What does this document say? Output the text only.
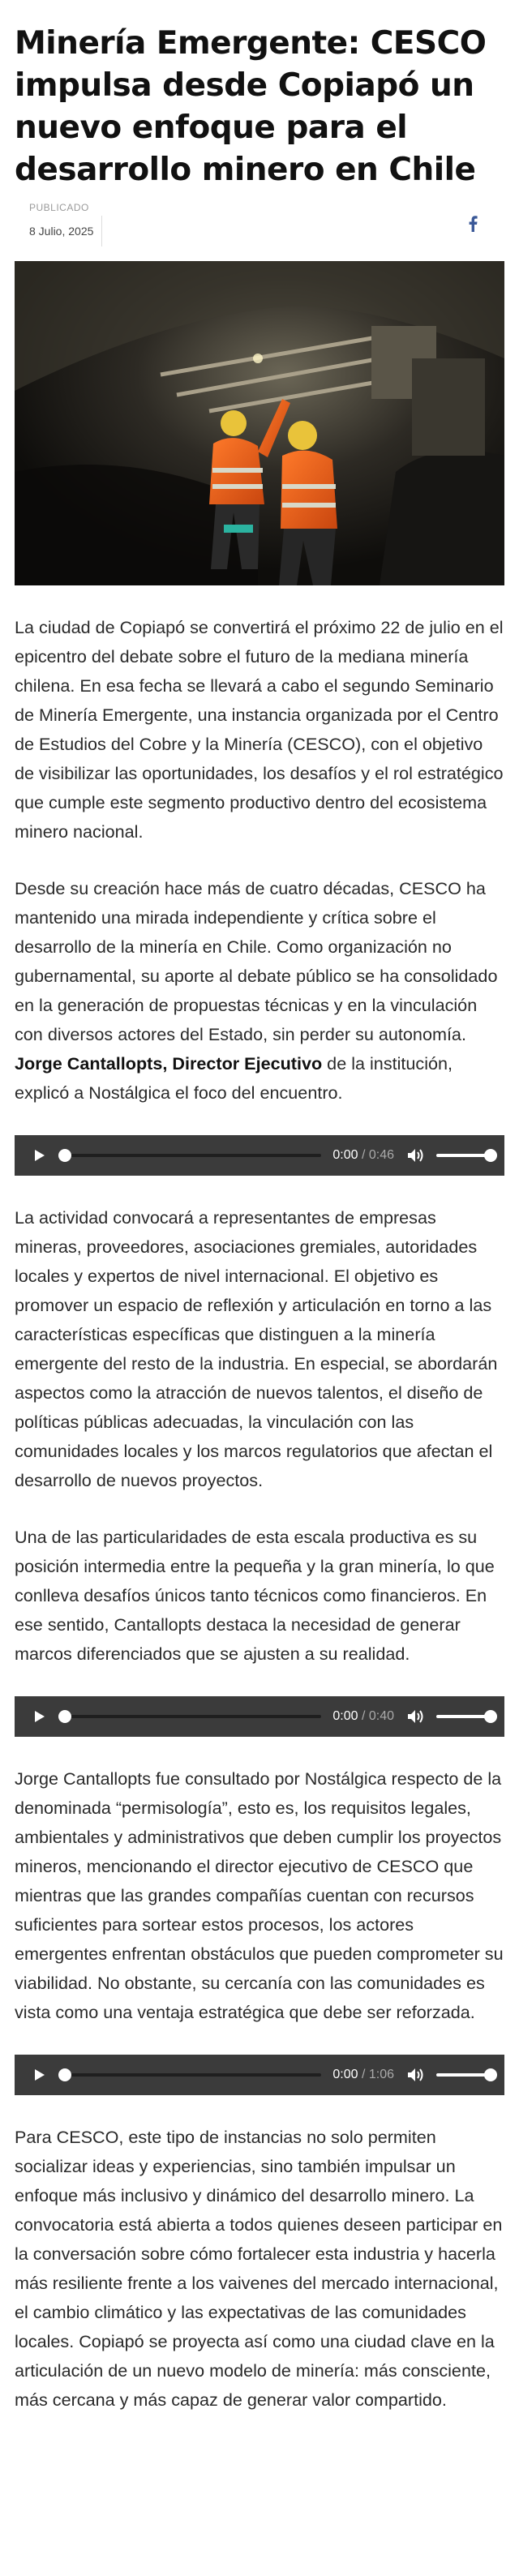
Minería Emergente: CESCO impulsa desde Copiapó un nuevo enfoque para el desarrollo minero en Chile
PUBLICADO
8 Julio, 2025

La ciudad de Copiapó se convertirá el próximo 22 de julio en el epicentro del debate sobre el futuro de la mediana minería chilena. En esa fecha se llevará a cabo el segundo Seminario de Minería Emergente, una instancia organizada por el Centro de Estudios del Cobre y la Minería (CESCO), con el objetivo de visibilizar las oportunidades, los desafíos y el rol estratégico que cumple este segmento productivo dentro del ecosistema minero nacional.

Desde su creación hace más de cuatro décadas, CESCO ha mantenido una mirada independiente y crítica sobre el desarrollo de la minería en Chile. Como organización no gubernamental, su aporte al debate público se ha consolidado en la generación de propuestas técnicas y en la vinculación con diversos actores del Estado, sin perder su autonomía. Jorge Cantallopts, Director Ejecutivo de la institución, explicó a Nostálgica el foco del encuentro.

0:00 / 0:46

La actividad convocará a representantes de empresas mineras, proveedores, asociaciones gremiales, autoridades locales y expertos de nivel internacional. El objetivo es promover un espacio de reflexión y articulación en torno a las características específicas que distinguen a la minería emergente del resto de la industria. En especial, se abordarán aspectos como la atracción de nuevos talentos, el diseño de políticas públicas adecuadas, la vinculación con las comunidades locales y los marcos regulatorios que afectan el desarrollo de nuevos proyectos.

Una de las particularidades de esta escala productiva es su posición intermedia entre la pequeña y la gran minería, lo que conlleva desafíos únicos tanto técnicos como financieros. En ese sentido, Cantallopts destaca la necesidad de generar marcos diferenciados que se ajusten a su realidad.

0:00 / 0:40

Jorge Cantallopts fue consultado por Nostálgica respecto de la denominada “permisología”, esto es, los requisitos legales, ambientales y administrativos que deben cumplir los proyectos mineros, mencionando el director ejecutivo de CESCO que mientras que las grandes compañías cuentan con recursos suficientes para sortear estos procesos, los actores emergentes enfrentan obstáculos que pueden comprometer su viabilidad. No obstante, su cercanía con las comunidades es vista como una ventaja estratégica que debe ser reforzada.

0:00 / 1:06

Para CESCO, este tipo de instancias no solo permiten socializar ideas y experiencias, sino también impulsar un enfoque más inclusivo y dinámico del desarrollo minero. La convocatoria está abierta a todos quienes deseen participar en la conversación sobre cómo fortalecer esta industria y hacerla más resiliente frente a los vaivenes del mercado internacional, el cambio climático y las expectativas de las comunidades locales. Copiapó se proyecta así como una ciudad clave en la articulación de un nuevo modelo de minería: más consciente, más cercana y más capaz de generar valor compartido.
